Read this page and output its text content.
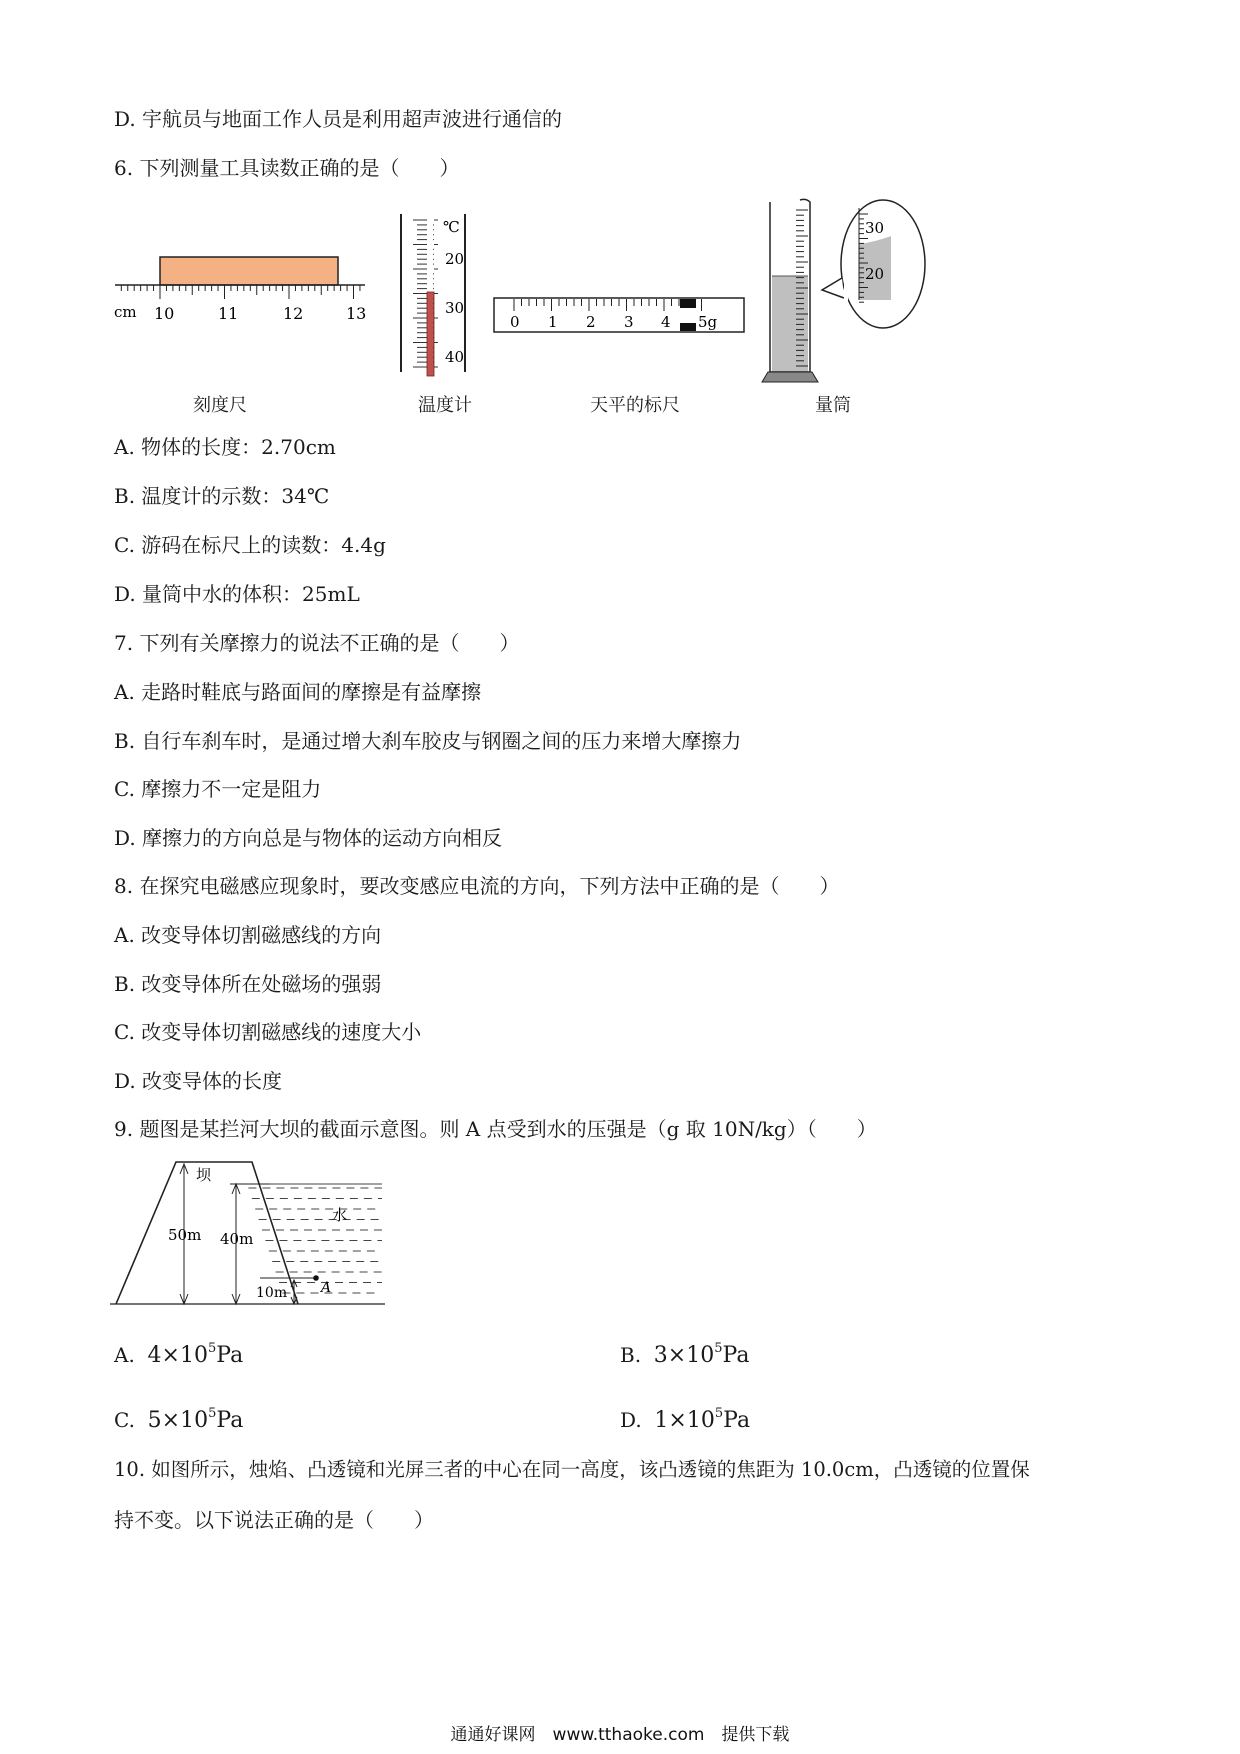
D. 宇航员与地面工作人员是利用超声波进行通信的
6. 下列测量工具读数正确的是（　　）
cm 10	11	12	13
℃
20
30
40
0 1 2 3 4 5g
30
20
刻度尺	温度计	天平的标尺	量筒
A. 物体的长度：2.70cm
B. 温度计的示数：34℃
C. 游码在标尺上的读数：4.4g
D. 量筒中水的体积：25mL
7. 下列有关摩擦力的说法不正确的是（　　）
A. 走路时鞋底与路面间的摩擦是有益摩擦
B. 自行车刹车时，是通过增大刹车胶皮与钢圈之间的压力来增大摩擦力
C. 摩擦力不一定是阻力
D. 摩擦力的方向总是与物体的运动方向相反
8. 在探究电磁感应现象时，要改变感应电流的方向，下列方法中正确的是（　　）
A. 改变导体切割磁感线的方向
B. 改变导体所在处磁场的强弱
C. 改变导体切割磁感线的速度大小
D. 改变导体的长度
9. 题图是某拦河大坝的截面示意图。则 A 点受到水的压强是（g 取 10N/kg）（　　）
坝
水
50m 40m
10m A
A. $4\times 10^5Pa$	B. $3\times 10^5Pa$
C. $5\times 10^5Pa$	D. $1\times 10^5Pa$
10. 如图所示，烛焰、凸透镜和光屏三者的中心在同一高度，该凸透镜的焦距为 10.0cm，凸透镜的位置保
持不变。以下说法正确的是（　　）
通通好课网　www.tthaoke.com　提供下载
